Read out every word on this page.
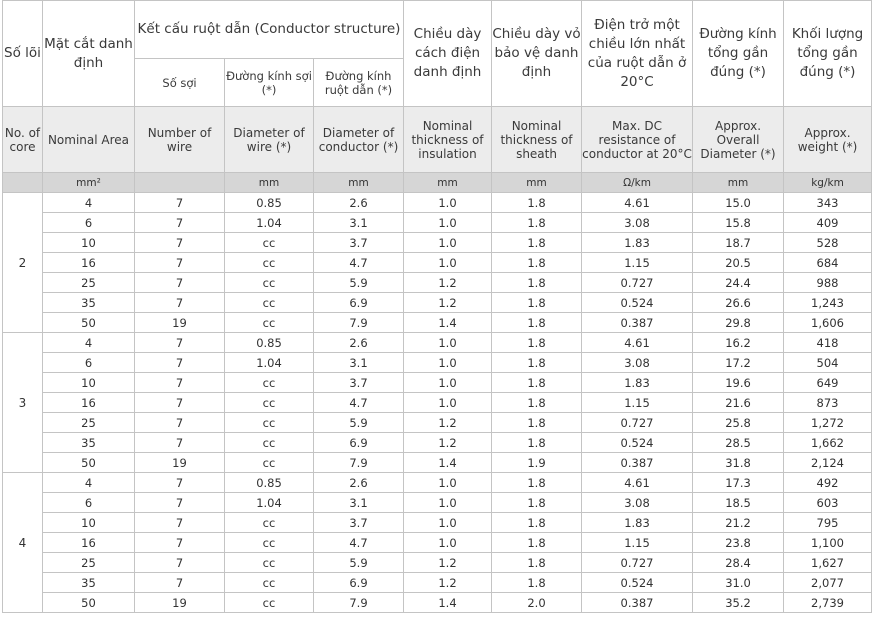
Số lõi	Mặt cắt danh định	Kết cấu ruột dẫn (Conductor structure)			Chiều dày cách điện danh định	Chiều dày vỏ bảo vệ danh định	Điện trở một chiều lớn nhất của ruột dẫn ở 20°C	Đường kính tổng gần đúng (*)	Khối lượng tổng gần đúng (*)
		Số sợi	Đường kính sợi (*)	Đường kính ruột dẫn (*)					
No. of core	Nominal Area	Number of wire	Diameter of wire (*)	Diameter of conductor (*)	Nominal thickness of insulation	Nominal thickness of sheath	Max. DC resistance of conductor at 20°C	Approx. Overall Diameter (*)	Approx. weight (*)
	mm²		mm	mm	mm	mm	Ω/km	mm	kg/km
2	4	7	0.85	2.6	1.0	1.8	4.61	15.0	343
	6	7	1.04	3.1	1.0	1.8	3.08	15.8	409
	10	7	cc	3.7	1.0	1.8	1.83	18.7	528
	16	7	cc	4.7	1.0	1.8	1.15	20.5	684
	25	7	cc	5.9	1.2	1.8	0.727	24.4	988
	35	7	cc	6.9	1.2	1.8	0.524	26.6	1,243
	50	19	cc	7.9	1.4	1.8	0.387	29.8	1,606
3	4	7	0.85	2.6	1.0	1.8	4.61	16.2	418
	6	7	1.04	3.1	1.0	1.8	3.08	17.2	504
	10	7	cc	3.7	1.0	1.8	1.83	19.6	649
	16	7	cc	4.7	1.0	1.8	1.15	21.6	873
	25	7	cc	5.9	1.2	1.8	0.727	25.8	1,272
	35	7	cc	6.9	1.2	1.8	0.524	28.5	1,662
	50	19	cc	7.9	1.4	1.9	0.387	31.8	2,124
4	4	7	0.85	2.6	1.0	1.8	4.61	17.3	492
	6	7	1.04	3.1	1.0	1.8	3.08	18.5	603
	10	7	cc	3.7	1.0	1.8	1.83	21.2	795
	16	7	cc	4.7	1.0	1.8	1.15	23.8	1,100
	25	7	cc	5.9	1.2	1.8	0.727	28.4	1,627
	35	7	cc	6.9	1.2	1.8	0.524	31.0	2,077
	50	19	cc	7.9	1.4	2.0	0.387	35.2	2,739
